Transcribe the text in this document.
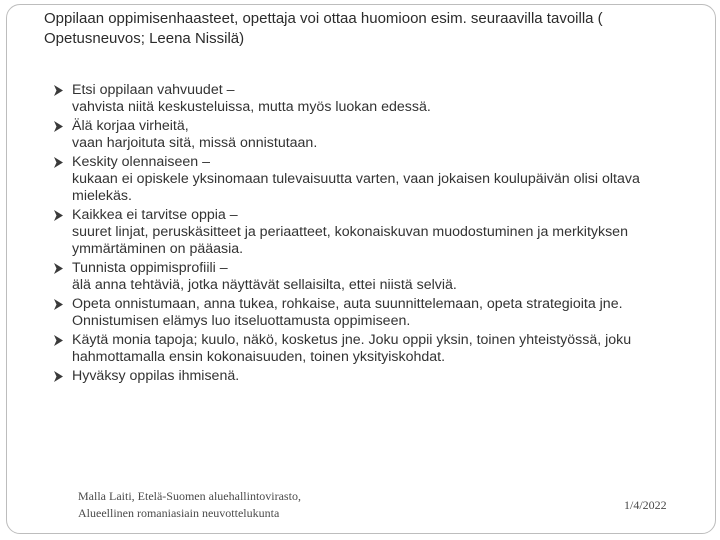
Oppilaan oppimisenhaasteet, opettaja voi ottaa huomioon esim. seuraavilla tavoilla ( Opetusneuvos; Leena Nissilä)

Etsi oppilaan vahvuudet –
vahvista niitä keskusteluissa, mutta myös luokan edessä.
Älä korjaa virheitä,
vaan harjoituta sitä, missä onnistutaan.
Keskity olennaiseen –
kukaan ei opiskele yksinomaan tulevaisuutta varten, vaan jokaisen koulupäivän olisi oltava mielekäs.
Kaikkea ei tarvitse oppia –
suuret linjat, peruskäsitteet ja periaatteet, kokonaiskuvan muodostuminen ja merkityksen ymmärtäminen on pääasia.
Tunnista oppimisprofiili –
älä anna tehtäviä, jotka näyttävät sellaisilta, ettei niistä selviä.
Opeta onnistumaan, anna tukea, rohkaise, auta suunnittelemaan, opeta strategioita jne. Onnistumisen elämys luo itseluottamusta oppimiseen.
Käytä monia tapoja; kuulo, näkö, kosketus jne. Joku oppii yksin, toinen yhteistyössä, joku hahmottamalla ensin kokonaisuuden, toinen yksityiskohdat.
Hyväksy oppilas ihmisenä.
Malla Laiti, Etelä-Suomen aluehallintovirasto,
Alueellinen romaniasiain neuvottelukunta
1/4/2022
